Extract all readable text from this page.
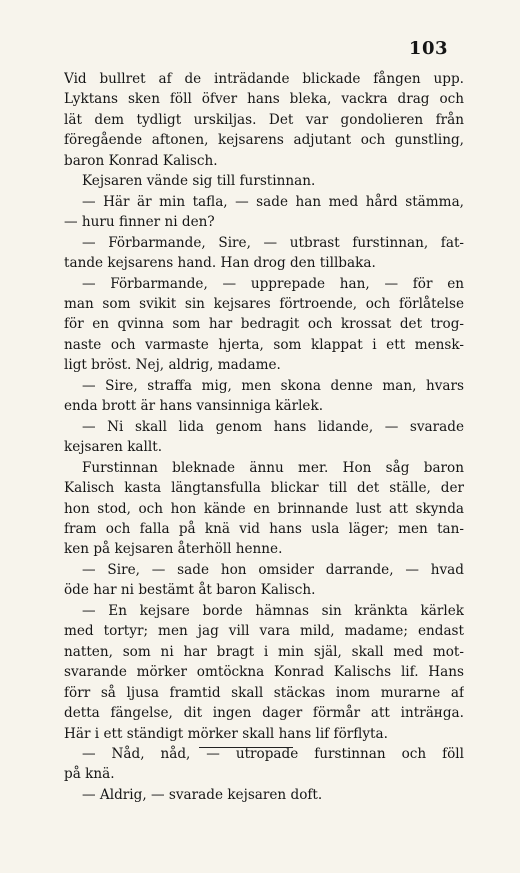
103
Vid bullret af de inträdande blickade fången upp.
Lyktans sken föll öfver hans bleka, vackra drag och
lät dem tydligt urskiljas. Det var gondolieren från
föregående aftonen, kejsarens adjutant och gunstling,
baron Konrad Kalisch.
Kejsaren vände sig till furstinnan.
— Här är min tafla, — sade han med hård stämma,
— huru finner ni den?
— Förbarmande, Sire, — utbrast furstinnan, fat-
tande kejsarens hand. Han drog den tillbaka.
— Förbarmande, — upprepade han, — för en
man som svikit sin kejsares förtroende, och förlåtelse
för en qvinna som har bedragit och krossat det trog-
naste och varmaste hjerta, som klappat i ett mensk-
ligt bröst. Nej, aldrig, madame.
— Sire, straffa mig, men skona denne man, hvars
enda brott är hans vansinniga kärlek.
— Ni skall lida genom hans lidande, — svarade
kejsaren kallt.
Furstinnan bleknade ännu mer. Hon såg baron
Kalisch kasta längtansfulla blickar till det ställe, der
hon stod, och hon kände en brinnande lust att skynda
fram och falla på knä vid hans usla läger; men tan-
ken på kejsaren återhöll henne.
— Sire, — sade hon omsider darrande, — hvad
öde har ni bestämt åt baron Kalisch.
— En kejsare borde hämnas sin kränkta kärlek
med tortyr; men jag vill vara mild, madame; endast
natten, som ni har bragt i min själ, skall med mot-
svarande mörker omtöckna Konrad Kalischs lif. Hans
förr så ljusa framtid skall stäckas inom murarne af
detta fängelse, dit ingen dager förmår att inträнga.
Här i ett ständigt mörker skall hans lif förflyta.
— Nåd, nåd, — utropade furstinnan och föll
på knä.
— Aldrig, — svarade kejsaren doft.
